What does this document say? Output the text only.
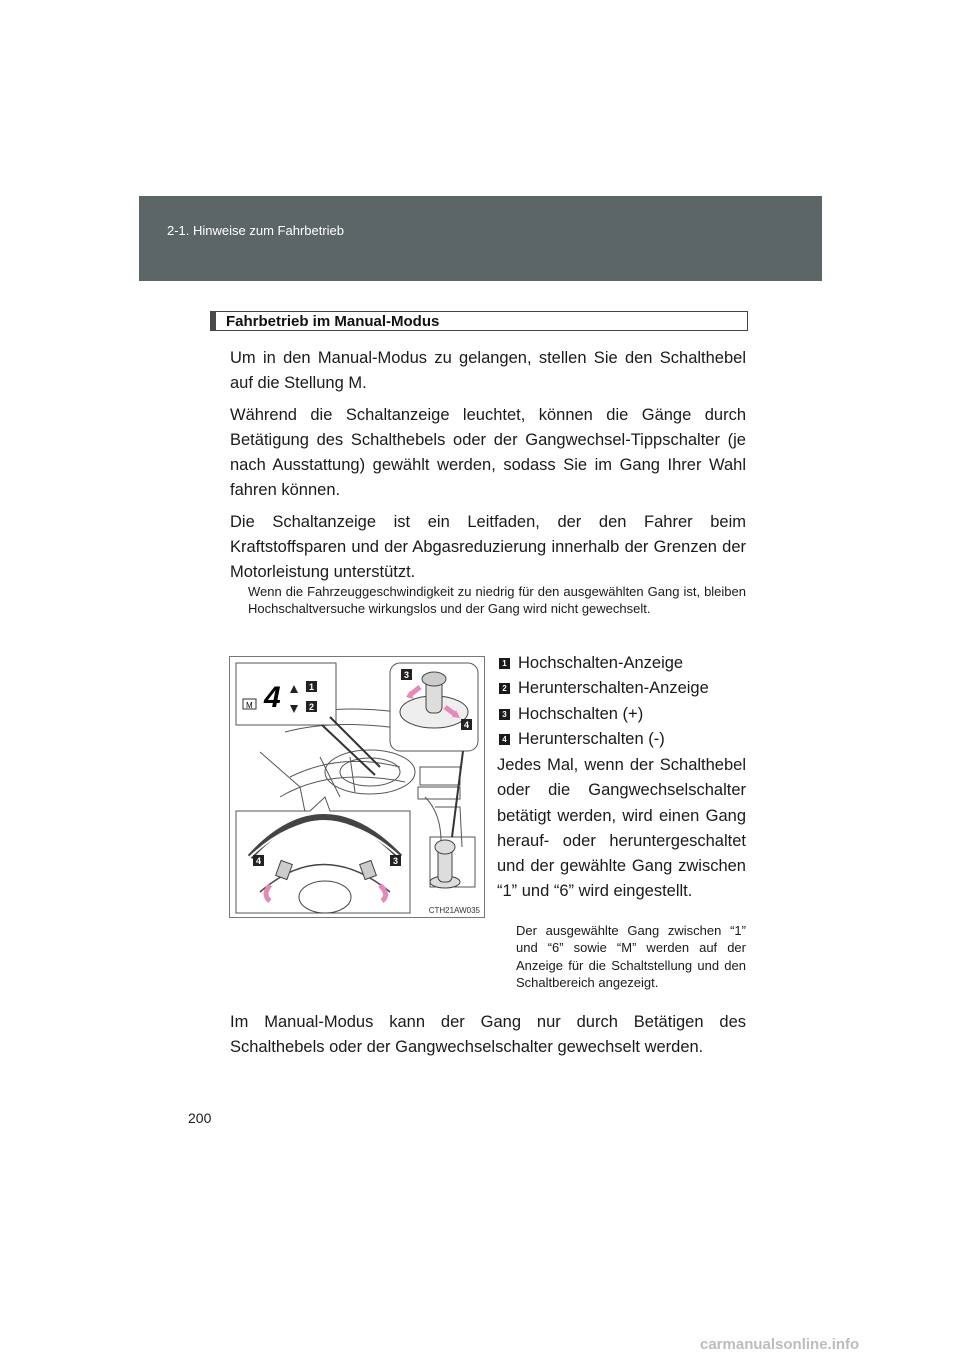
2-1. Hinweise zum Fahrbetrieb
Fahrbetrieb im Manual-Modus

Um in den Manual-Modus zu gelangen, stellen Sie den Schalthebel auf die Stellung M.

Während die Schaltanzeige leuchtet, können die Gänge durch Betätigung des Schalthebels oder der Gangwechsel-Tippschalter (je nach Ausstattung) gewählt werden, sodass Sie im Gang Ihrer Wahl fahren können.

Die Schaltanzeige ist ein Leitfaden, der den Fahrer beim Kraftstoffsparen und der Abgasreduzierung innerhalb der Grenzen der Motorleistung unterstützt.

Wenn die Fahrzeuggeschwindigkeit zu niedrig für den ausgewählten Gang ist, bleiben Hochschaltversuche wirkungslos und der Gang wird nicht gewechselt.

M 4	1
2
3
4
4	3
CTH21AW035
1 Hochschalten-Anzeige
2 Herunterschalten-Anzeige
3 Hochschalten (+)
4 Herunterschalten (-)

Jedes Mal, wenn der Schalthebel oder die Gangwechselschalter betätigt werden, wird einen Gang herauf- oder heruntergeschaltet und der gewählte Gang zwischen “1” und “6” wird eingestellt.

Der ausgewählte Gang zwischen “1” und “6” sowie “M” werden auf der Anzeige für die Schaltstellung und den Schaltbereich angezeigt.

Im Manual-Modus kann der Gang nur durch Betätigen des Schalthebels oder der Gangwechselschalter gewechselt werden.

200
carmanualsonline.info
